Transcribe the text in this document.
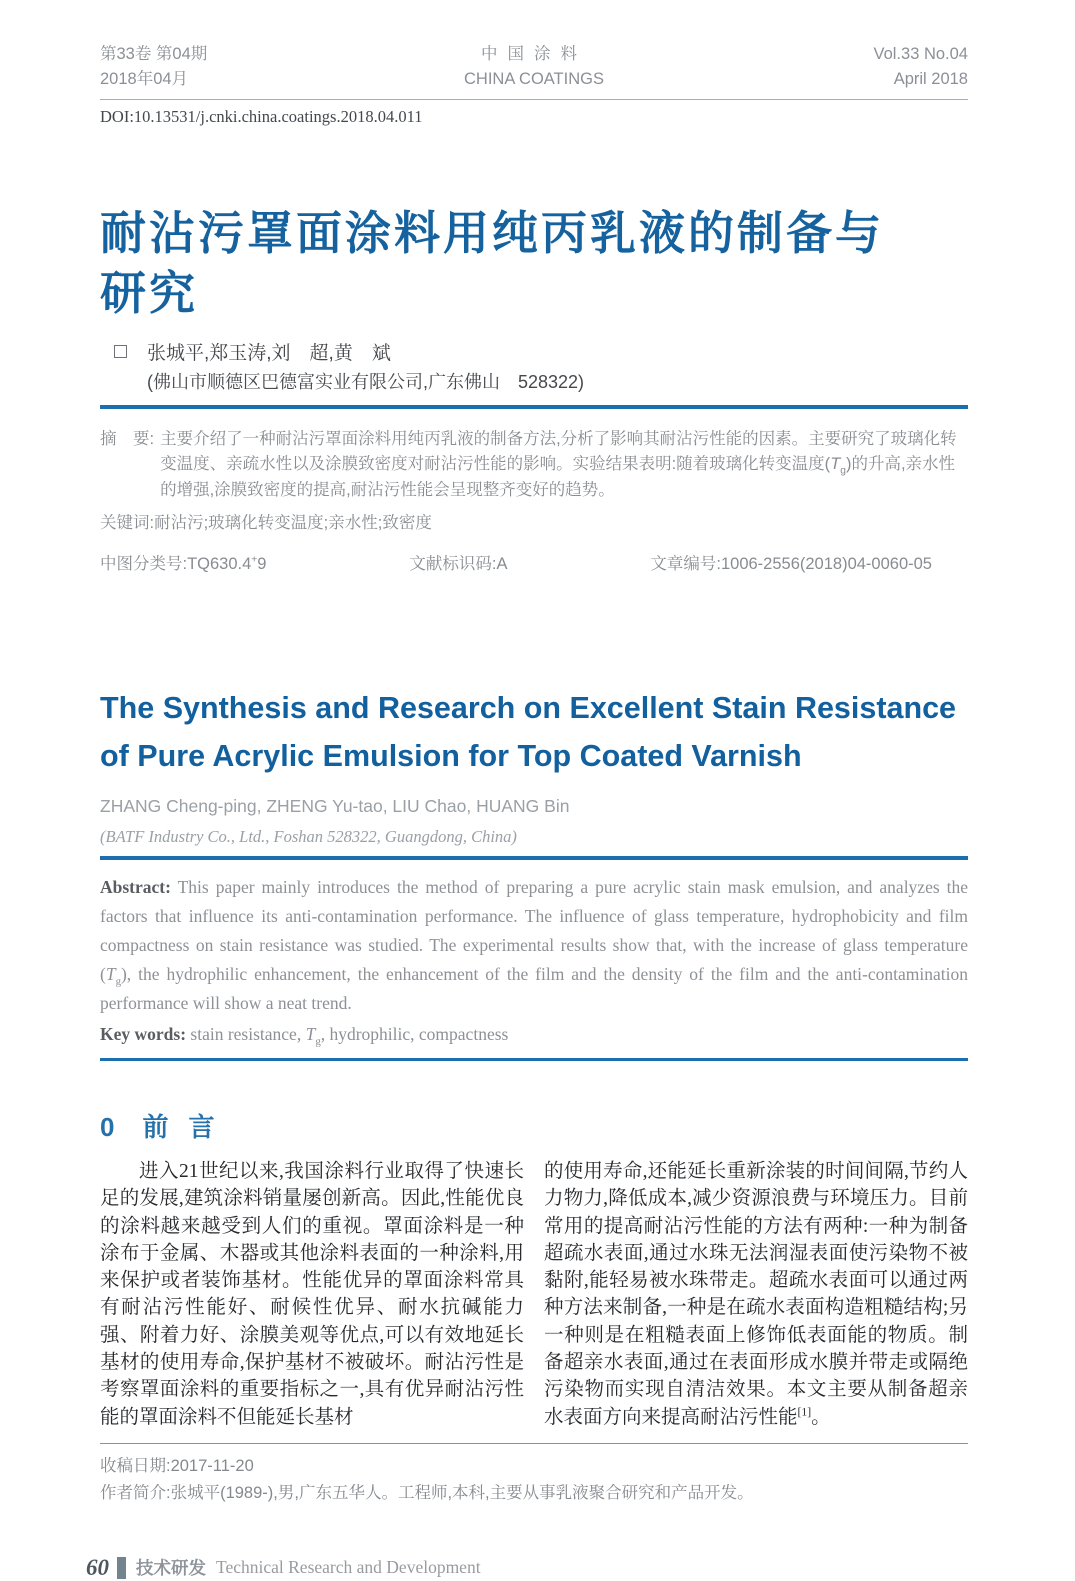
第33卷 第04期
2018年04月
中国涂料
CHINA COATINGS
Vol.33 No.04
April 2018
DOI:10.13531/j.cnki.china.coatings.2018.04.011
耐沾污罩面涂料用纯丙乳液的制备与研究
张城平,郑玉涛,刘　超,黄　斌
(佛山市顺德区巴德富实业有限公司,广东佛山　528322)
摘　要: 主要介绍了一种耐沾污罩面涂料用纯丙乳液的制备方法,分析了影响其耐沾污性能的因素。主要研究了玻璃化转变温度、亲疏水性以及涂膜致密度对耐沾污性能的影响。实验结果表明:随着玻璃化转变温度$(T_g)$的升高,亲水性的增强,涂膜致密度的提高,耐沾污性能会呈现整齐变好的趋势。
关键词:耐沾污;玻璃化转变温度;亲水性;致密度
中图分类号:TQ630.4+9	文献标识码:A	文章编号:1006-2556(2018)04-0060-05
The Synthesis and Research on Excellent Stain Resistance of Pure Acrylic Emulsion for Top Coated Varnish
ZHANG Cheng-ping, ZHENG Yu-tao, LIU Chao, HUANG Bin
(BATF Industry Co., Ltd., Foshan 528322, Guangdong, China)
Abstract: This paper mainly introduces the method of preparing a pure acrylic stain mask emulsion, and analyzes the factors that influence its anti-contamination performance. The influence of glass temperature, hydrophobicity and film compactness on stain resistance was studied. The experimental results show that, with the increase of glass temperature $(T_g)$, the hydrophilic enhancement, the enhancement of the film and the density of the film and the anti-contamination performance will show a neat trend.
Key words: stain resistance, $T_g$, hydrophilic, compactness
0 前言
进入21世纪以来,我国涂料行业取得了快速长足的发展,建筑涂料销量屡创新高。因此,性能优良的涂料越来越受到人们的重视。罩面涂料是一种涂布于金属、木器或其他涂料表面的一种涂料,用来保护或者装饰基材。性能优异的罩面涂料常具有耐沾污性能好、耐候性优异、耐水抗碱能力强、附着力好、涂膜美观等优点,可以有效地延长基材的使用寿命,保护基材不被破坏。耐沾污性是考察罩面涂料的重要指标之一,具有优异耐沾污性能的罩面涂料不但能延长基材
的使用寿命,还能延长重新涂装的时间间隔,节约人力物力,降低成本,减少资源浪费与环境压力。目前常用的提高耐沾污性能的方法有两种:一种为制备超疏水表面,通过水珠无法润湿表面使污染物不被黏附,能轻易被水珠带走。超疏水表面可以通过两种方法来制备,一种是在疏水表面构造粗糙结构;另一种则是在粗糙表面上修饰低表面能的物质。制备超亲水表面,通过在表面形成水膜并带走或隔绝污染物而实现自清洁效果。本文主要从制备超亲水表面方向来提高耐沾污性能[1]。
收稿日期:2017-11-20
作者简介:张城平(1989-),男,广东五华人。工程师,本科,主要从事乳液聚合研究和产品开发。
60 技术研发 Technical Research and Development
